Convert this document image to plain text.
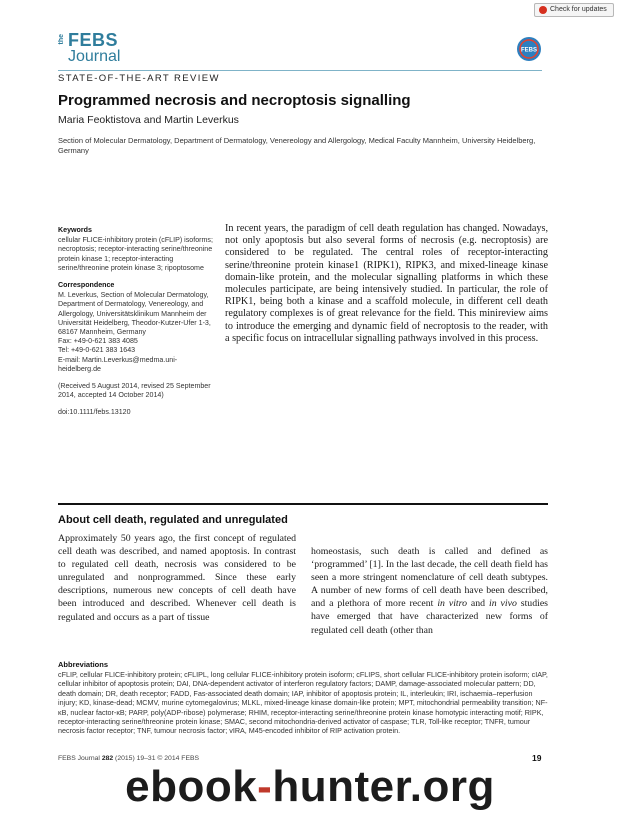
Check for updates
the FEBS
Journal	FEBS
STATE-OF-THE-ART REVIEW
Programmed necrosis and necroptosis signalling
Maria Feoktistova and Martin Leverkus
Section of Molecular Dermatology, Department of Dermatology, Venereology and Allergology, Medical Faculty Mannheim, University Heidelberg, Germany

Keywords

cellular FLICE-inhibitory protein (cFLIP) isoforms; necroptosis; receptor-interacting serine/threonine protein kinase 1; receptor-interacting serine/threonine protein kinase 3; ripoptosome

Correspondence

M. Leverkus, Section of Molecular Dermatology, Department of Dermatology, Venereology, and Allergology, Universitätsklinikum Mannheim der Universität Heidelberg, Theodor-Kutzer-Ufer 1-3, 68167 Mannheim, Germany

Fax: +49-0-621 383 4085

Tel: +49-0-621 383 1643

E-mail: Martin.Leverkus@medma.uni-heidelberg.de

(Received 5 August 2014, revised 25 September 2014, accepted 14 October 2014)

doi:10.1111/febs.13120

In recent years, the paradigm of cell death regulation has changed. Nowadays, not only apoptosis but also several forms of necrosis (e.g. necroptosis) are considered to be regulated. The central roles of receptor-interacting serine/threonine protein kinase1 (RIPK1), RIPK3, and mixed-lineage kinase domain-like protein, and the molecular signalling platforms in which these molecules participate, are being intensively studied. In particular, the role of RIPK1, being both a kinase and a scaffold molecule, in different cell death regulatory complexes is of great relevance for the field. This minireview aims to introduce the emerging and dynamic field of necroptosis to the reader, with a specific focus on intracellular signalling pathways involved in this process.
About cell death, regulated and unregulated
Approximately 50 years ago, the first concept of regulated cell death was described, and named apoptosis. In contrast to regulated cell death, necrosis was considered to be unregulated and nonprogrammed. Since these early descriptions, numerous new concepts of cell death have been introduced and described. Whenever cell death is regulated and occurs as a part of tissue
homeostasis, such death is called and defined as ‘programmed’ [1]. In the last decade, the cell death field has seen a more stringent nomenclature of cell death subtypes. A number of new forms of cell death have been described, and a plethora of more recent in vitro and in vivo studies have emerged that have characterized new forms of regulated cell death (other than
Abbreviations
cFLIP, cellular FLICE-inhibitory protein; cFLIPL, long cellular FLICE-inhibitory protein isoform; cFLIPS, short cellular FLICE-inhibitory protein isoform; cIAP, cellular inhibitor of apoptosis protein; DAI, DNA-dependent activator of interferon regulatory factors; DAMP, damage-associated molecular pattern; DD, death domain; DR, death receptor; FADD, Fas-associated death domain; IAP, inhibitor of apoptosis protein; IL, interleukin; IRI, ischaemia–reperfusion injury; KD, kinase-dead; MCMV, murine cytomegalovirus; MLKL, mixed-lineage kinase domain-like protein; MPT, mitochondrial permeability transition; NF-κB, nuclear factor-κB; PARP, poly(ADP-ribose) polymerase; RHIM, receptor-interacting serine/threonine protein kinase homotypic interacting motif; RIPK, receptor-interacting serine/threonine protein kinase; SMAC, second mitochondria-derived activator of caspase; TLR, Toll-like receptor; TNFR, tumour necrosis factor receptor; TNF, tumour necrosis factor; vIRA, M45-encoded inhibitor of RIP activation protein.
FEBS Journal 282 (2015) 19–31 © 2014 FEBS	19
ebook-hunter.org
